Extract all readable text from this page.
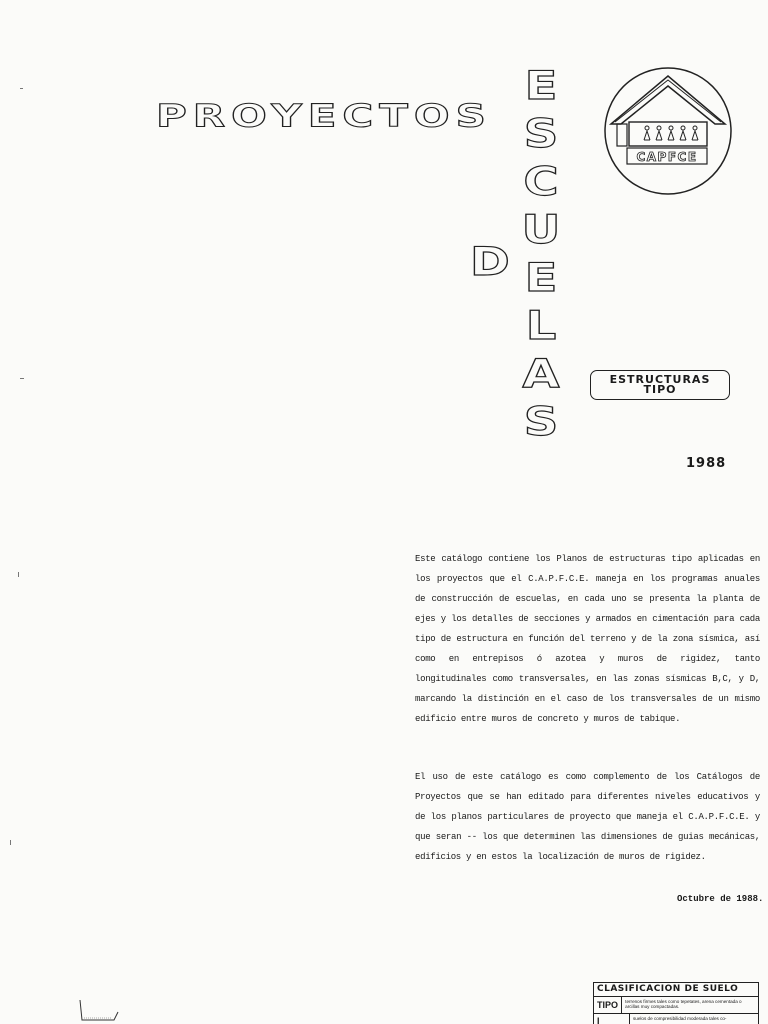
PROYECTOS
E
S
C
U
E
L
A
S
D
CAPFCE
ESTRUCTURAS
TIPO
1988

Este catálogo contiene los Planos de estructuras tipo aplicadas en los proyectos que el C.A.P.F.C.E. maneja en los programas anuales de construcción de escuelas, en cada uno se presenta la planta de ejes y los detalles de secciones y armados en cimentación para cada tipo de estructura en función del terreno y de la zona sísmica, así como en entrepisos ó azotea y muros de rigidez, tanto longitudinales como transversales, en las zonas sísmicas B,C, y D, marcando la distinción en el caso de los transversales de un mismo edificio entre muros de concreto y muros de tabique.

El uso de este catálogo es como complemento de los Catálogos de Proyectos que se han editado para diferentes niveles educativos y de los planos particulares de proyecto que maneja el C.A.P.F.C.E. y que seran -- los que determinen las dimensiones de guias mecánicas, edificios y en estos la localización de muros de rigidez.

Octubre de 1988.
CLASIFICACION DE SUELO
TIPO I
terrenos firmes tales como tepetates, arena cementada o arcillas muy compactadas.
suelos de compresibilidad moderada tales co-
